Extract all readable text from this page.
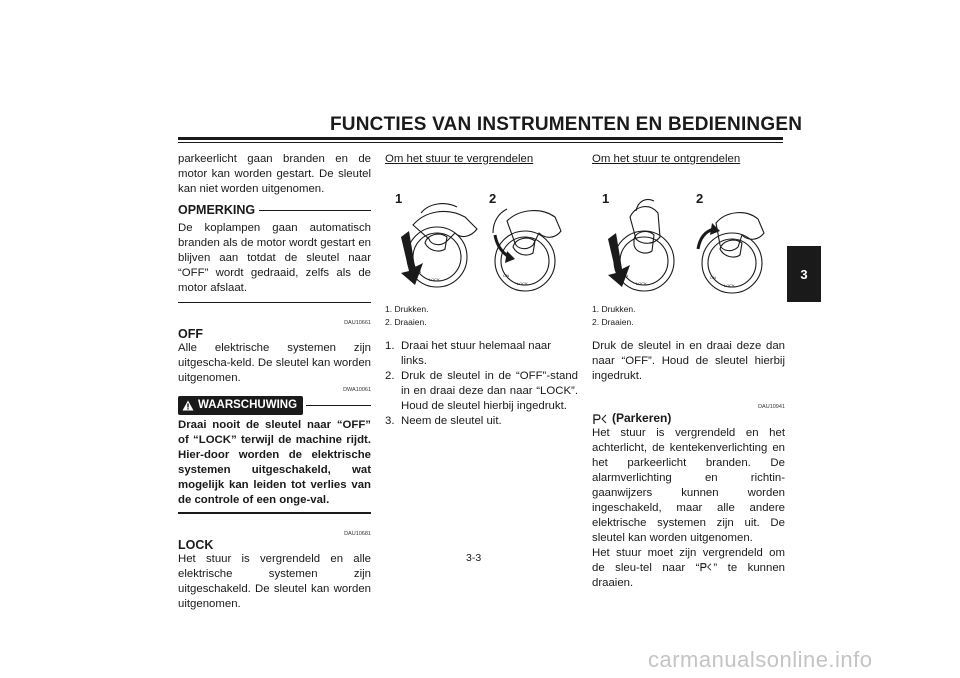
FUNCTIES VAN INSTRUMENTEN EN BEDIENINGEN
3

parkeerlicht gaan branden en de motor kan worden gestart. De sleutel kan niet worden uitgenomen.

OPMERKING

De koplampen gaan automatisch branden als de motor wordt gestart en blijven aan totdat de sleutel naar “OFF” wordt gedraaid, zelfs als de motor afslaat.

DAU10661
OFF

Alle elektrische systemen zijn uitgescha-keld. De sleutel kan worden uitgenomen.

DWA10061
WAARSCHUWING

Draai nooit de sleutel naar “OFF” of “LOCK” terwijl de machine rijdt. Hier-door worden de elektrische systemen uitgeschakeld, wat mogelijk kan leiden tot verlies van de controle of een onge-val.

DAU10681
LOCK

Het stuur is vergrendeld en alle elektrische systemen zijn uitgeschakeld. De sleutel kan worden uitgenomen.

Om het stuur te vergrendelen
1	2
LOCK
ON
LOCK
ON
1. Drukken.
2. Draaien.
1. Draai het stuur helemaal naar links.
2. Druk de sleutel in de “OFF”-stand in en draai deze dan naar “LOCK”. Houd de sleutel hierbij ingedrukt.
3. Neem de sleutel uit.
Om het stuur te ontgrendelen
1	2
LOCK
ON
LOCK
ON
1. Drukken.
2. Draaien.

Druk de sleutel in en draai deze dan naar “OFF”. Houd de sleutel hierbij ingedrukt.

DAU10941
(Parkeren)

Het stuur is vergrendeld en het achterlicht, de kentekenverlichting en het parkeerlicht branden. De alarmverlichting en richtin-gaanwijzers kunnen worden ingeschakeld, maar alle andere elektrische systemen zijn uit. De sleutel kan worden uitgenomen.

Het stuur moet zijn vergrendeld om de sleu-tel naar “ ” te kunnen draaien.

3-3
carmanualsonline.info
